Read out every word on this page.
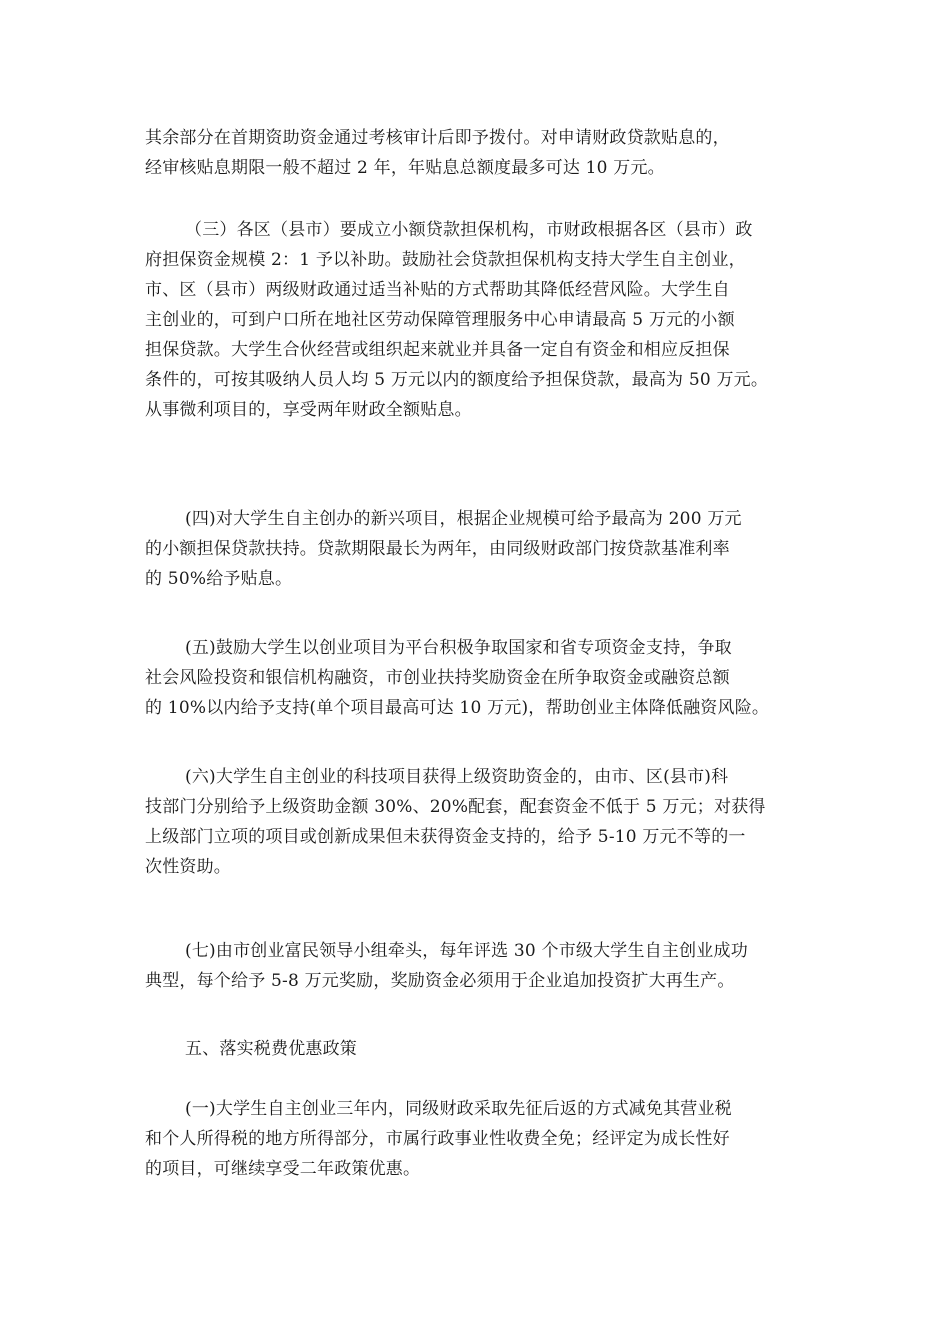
其余部分在首期资助资金通过考核审计后即予拨付。对申请财政贷款贴息的，
经审核贴息期限一般不超过 2 年，年贴息总额度最多可达 10 万元。
（三）各区（县市）要成立小额贷款担保机构，市财政根据各区（县市）政
府担保资金规模 2：1 予以补助。鼓励社会贷款担保机构支持大学生自主创业，
市、区（县市）两级财政通过适当补贴的方式帮助其降低经营风险。大学生自
主创业的，可到户口所在地社区劳动保障管理服务中心申请最高 5 万元的小额
担保贷款。大学生合伙经营或组织起来就业并具备一定自有资金和相应反担保
条件的，可按其吸纳人员人均 5 万元以内的额度给予担保贷款，最高为 50 万元。
从事微利项目的，享受两年财政全额贴息。
(四)对大学生自主创办的新兴项目，根据企业规模可给予最高为 200 万元
的小额担保贷款扶持。贷款期限最长为两年，由同级财政部门按贷款基准利率
的 50%给予贴息。
(五)鼓励大学生以创业项目为平台积极争取国家和省专项资金支持，争取
社会风险投资和银信机构融资，市创业扶持奖励资金在所争取资金或融资总额
的 10%以内给予支持(单个项目最高可达 10 万元)，帮助创业主体降低融资风险。
(六)大学生自主创业的科技项目获得上级资助资金的，由市、区(县市)科
技部门分别给予上级资助金额 30%、20%配套，配套资金不低于 5 万元；对获得
上级部门立项的项目或创新成果但未获得资金支持的，给予 5-10 万元不等的一
次性资助。
(七)由市创业富民领导小组牵头，每年评选 30 个市级大学生自主创业成功
典型，每个给予 5-8 万元奖励，奖励资金必须用于企业追加投资扩大再生产。
五、落实税费优惠政策
(一)大学生自主创业三年内，同级财政采取先征后返的方式减免其营业税
和个人所得税的地方所得部分，市属行政事业性收费全免；经评定为成长性好
的项目，可继续享受二年政策优惠。
